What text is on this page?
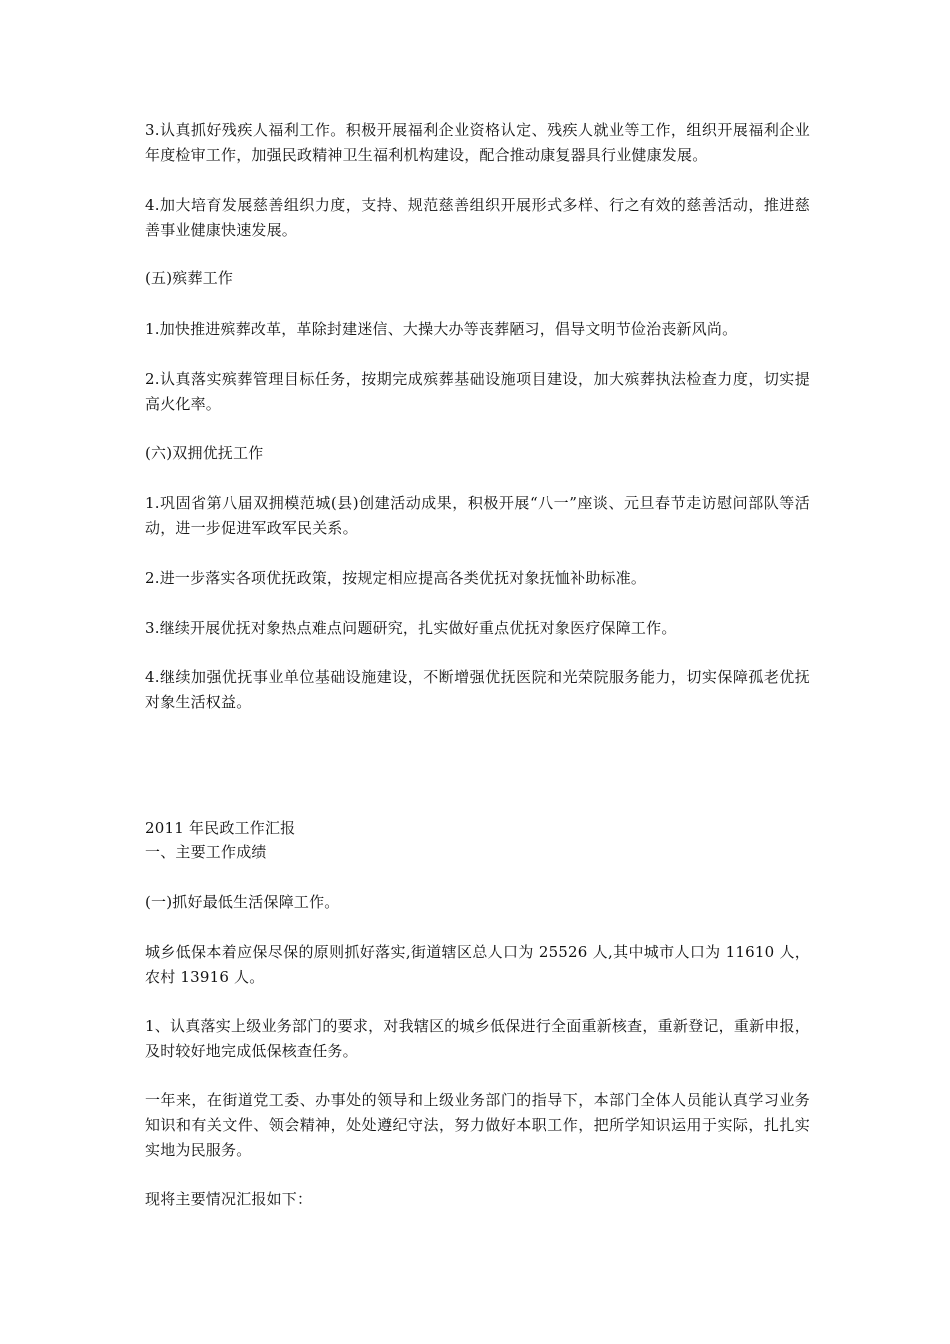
3.认真抓好残疾人福利工作。积极开展福利企业资格认定、残疾人就业等工作，组织开展福利企业年度检审工作，加强民政精神卫生福利机构建设，配合推动康复器具行业健康发展。

4.加大培育发展慈善组织力度，支持、规范慈善组织开展形式多样、行之有效的慈善活动，推进慈善事业健康快速发展。

(五)殡葬工作

1.加快推进殡葬改革，革除封建迷信、大操大办等丧葬陋习，倡导文明节俭治丧新风尚。

2.认真落实殡葬管理目标任务，按期完成殡葬基础设施项目建设，加大殡葬执法检查力度，切实提高火化率。

(六)双拥优抚工作

1.巩固省第八届双拥模范城(县)创建活动成果，积极开展“八一”座谈、元旦春节走访慰问部队等活动，进一步促进军政军民关系。

2.进一步落实各项优抚政策，按规定相应提高各类优抚对象抚恤补助标准。

3.继续开展优抚对象热点难点问题研究，扎实做好重点优抚对象医疗保障工作。

4.继续加强优抚事业单位基础设施建设，不断增强优抚医院和光荣院服务能力，切实保障孤老优抚对象生活权益。

2011 年民政工作汇报

一、主要工作成绩

(一)抓好最低生活保障工作。

城乡低保本着应保尽保的原则抓好落实,街道辖区总人口为 25526 人,其中城市人口为 11610 人，农村 13916 人。

1、认真落实上级业务部门的要求，对我辖区的城乡低保进行全面重新核查，重新登记，重新申报，及时较好地完成低保核查任务。

一年来，在街道党工委、办事处的领导和上级业务部门的指导下，本部门全体人员能认真学习业务知识和有关文件、领会精神，处处遵纪守法，努力做好本职工作，把所学知识运用于实际，扎扎实实地为民服务。

现将主要情况汇报如下：
